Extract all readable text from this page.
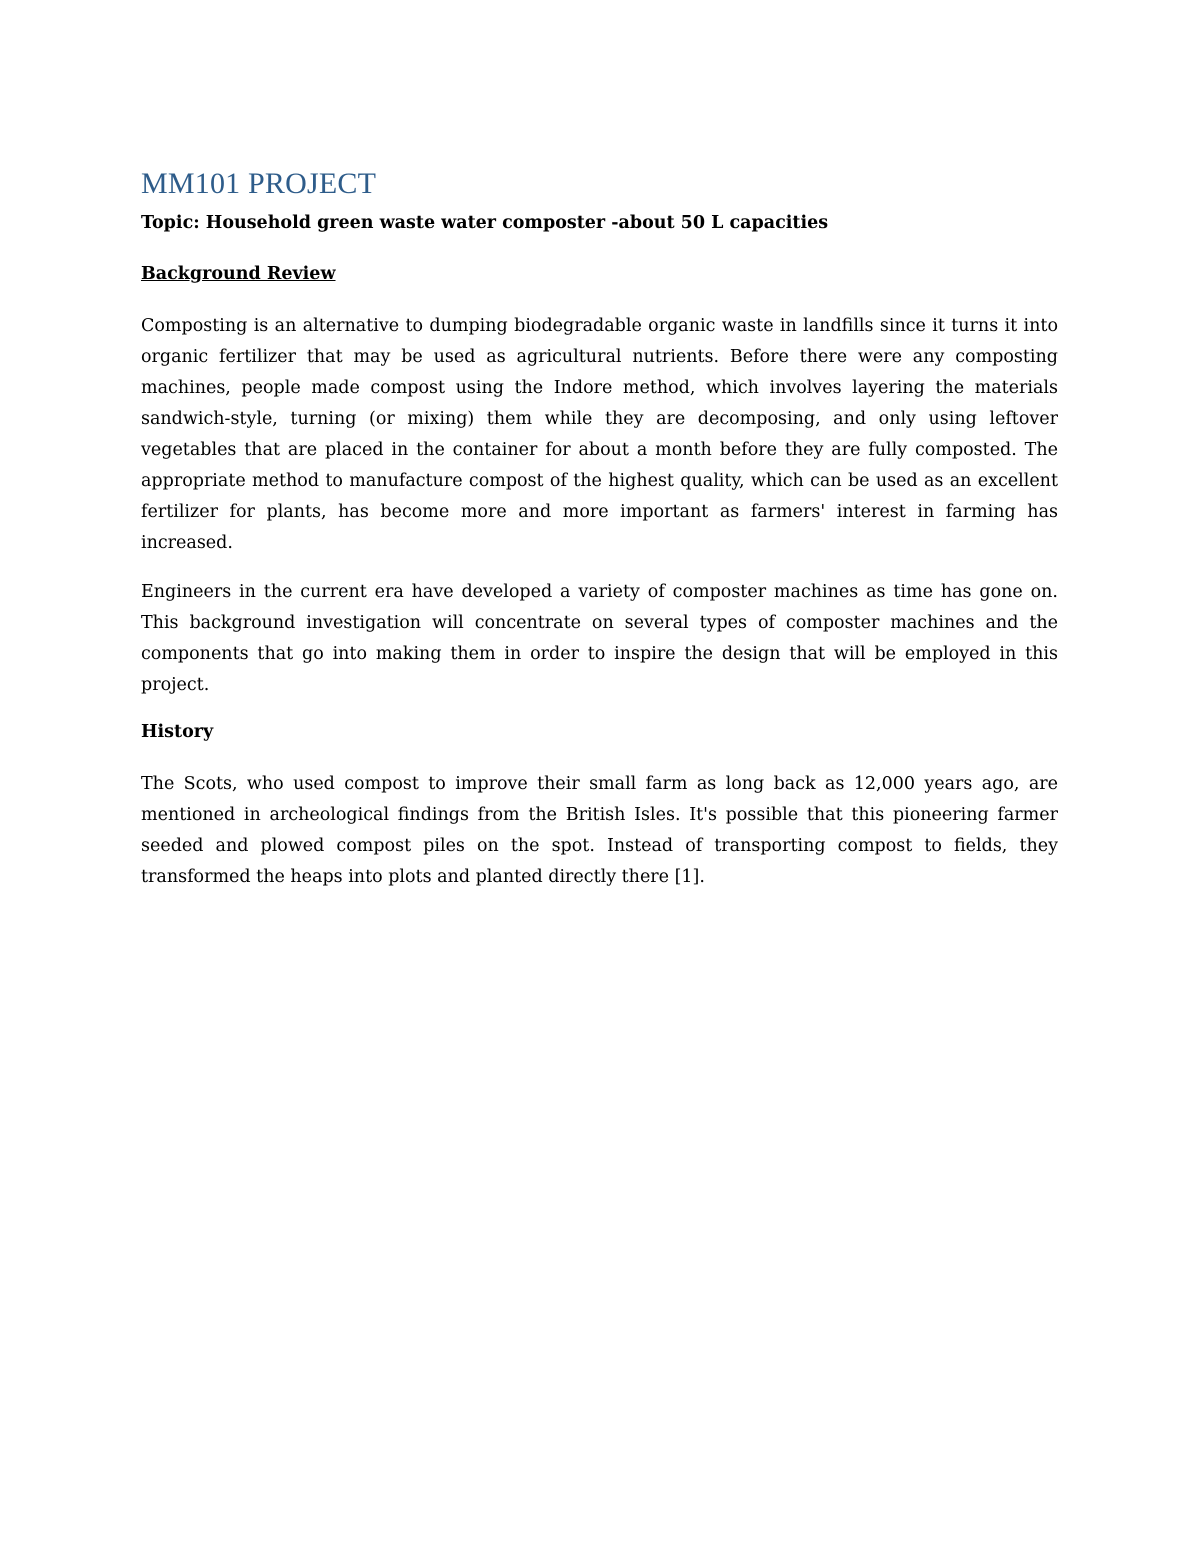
MM101 PROJECT
Topic: Household green waste water composter -about 50 L capacities
Background Review

Composting is an alternative to dumping biodegradable organic waste in landfills since it turns it into organic fertilizer that may be used as agricultural nutrients. Before there were any composting machines, people made compost using the Indore method, which involves layering the materials sandwich-style, turning (or mixing) them while they are decomposing, and only using leftover vegetables that are placed in the container for about a month before they are fully composted. The appropriate method to manufacture compost of the highest quality, which can be used as an excellent fertilizer for plants, has become more and more important as farmers' interest in farming has increased.

Engineers in the current era have developed a variety of composter machines as time has gone on. This background investigation will concentrate on several types of composter machines and the components that go into making them in order to inspire the design that will be employed in this project.

History

The Scots, who used compost to improve their small farm as long back as 12,000 years ago, are mentioned in archeological findings from the British Isles. It's possible that this pioneering farmer seeded and plowed compost piles on the spot. Instead of transporting compost to fields, they transformed the heaps into plots and planted directly there [1].
